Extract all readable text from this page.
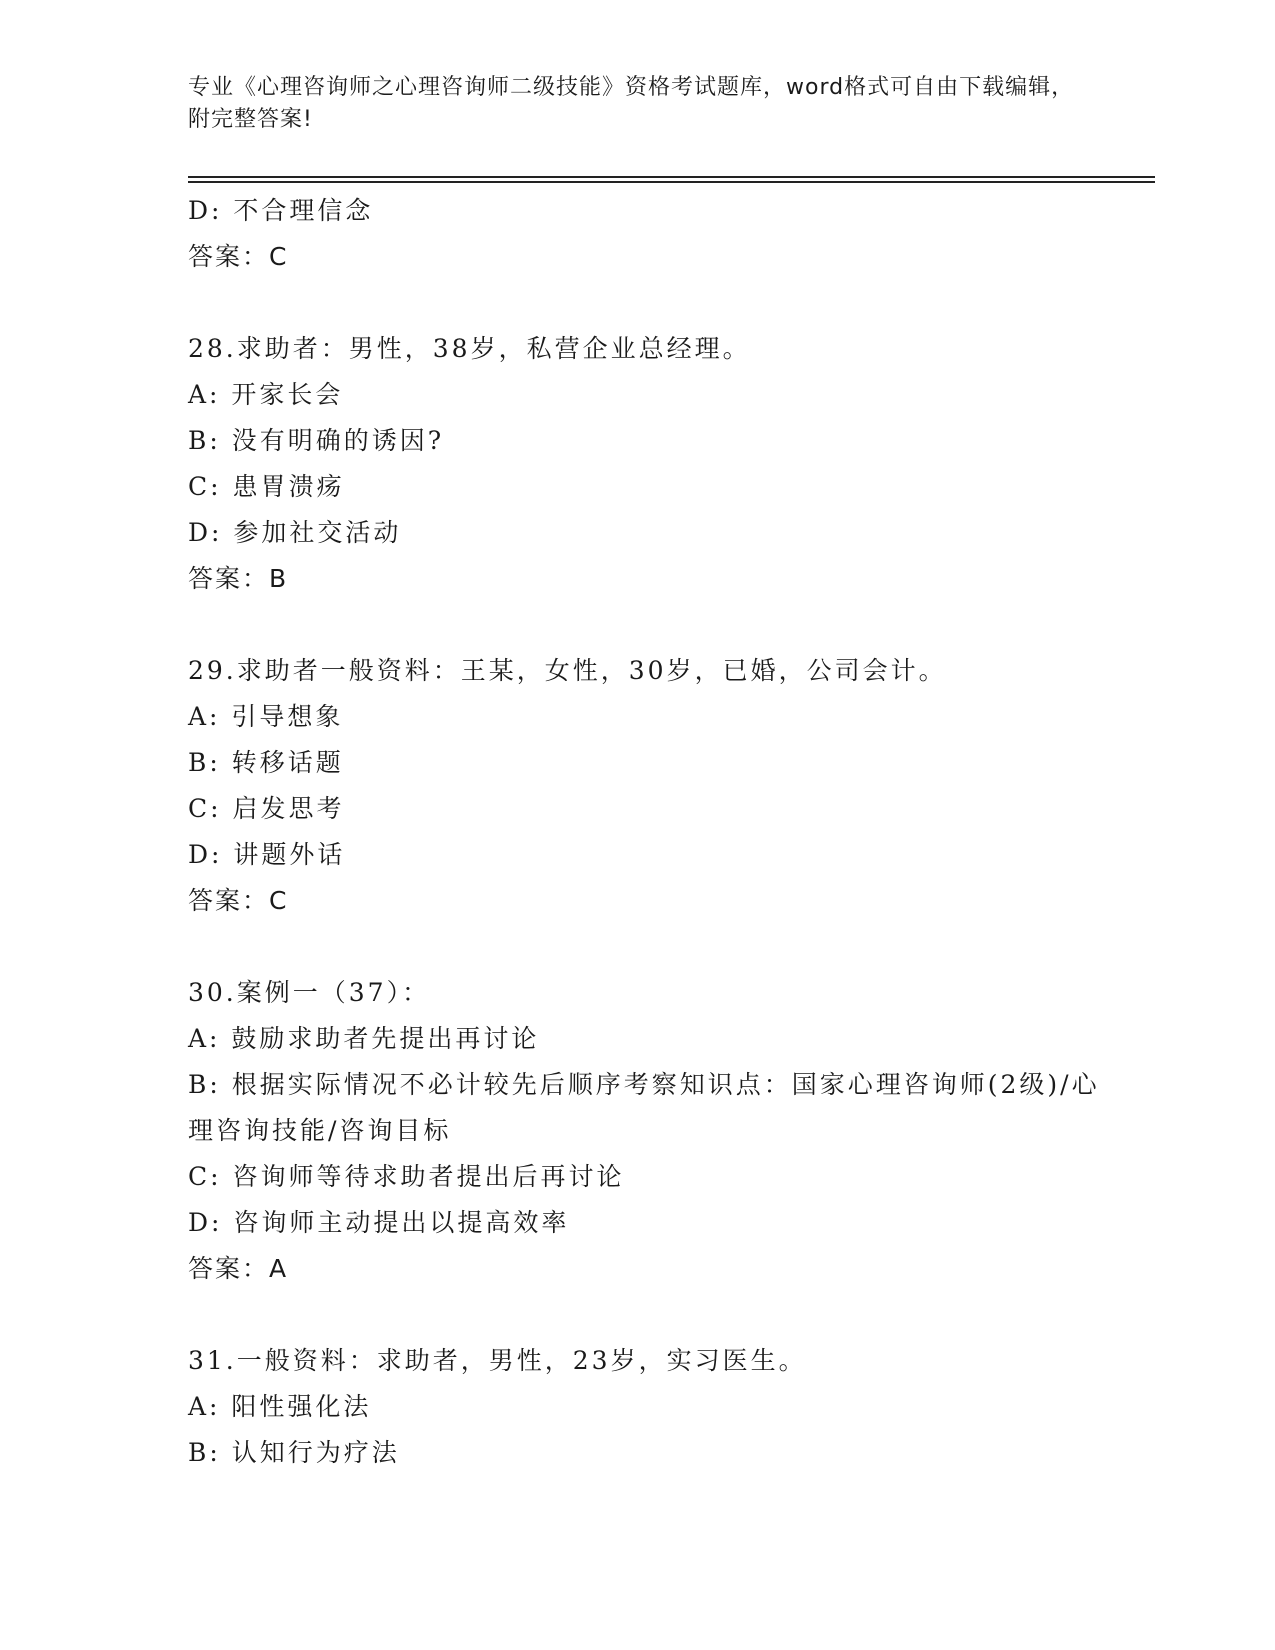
专业《心理咨询师之心理咨询师二级技能》资格考试题库，word格式可自由下载编辑，附完整答案!
D: 不合理信念
答案：C
28.求助者：男性，38岁，私营企业总经理。
A: 开家长会
B: 没有明确的诱因?
C: 患胃溃疡
D: 参加社交活动
答案：B
29.求助者一般资料：王某，女性，30岁，已婚，公司会计。
A: 引导想象
B: 转移话题
C: 启发思考
D: 讲题外话
答案：C
30.案例一（37）：
A: 鼓励求助者先提出再讨论
B: 根据实际情况不必计较先后顺序考察知识点：国家心理咨询师(2级)/心理咨询技能/咨询目标
C: 咨询师等待求助者提出后再讨论
D: 咨询师主动提出以提高效率
答案：A
31.一般资料：求助者，男性，23岁，实习医生。
A: 阳性强化法
B: 认知行为疗法
